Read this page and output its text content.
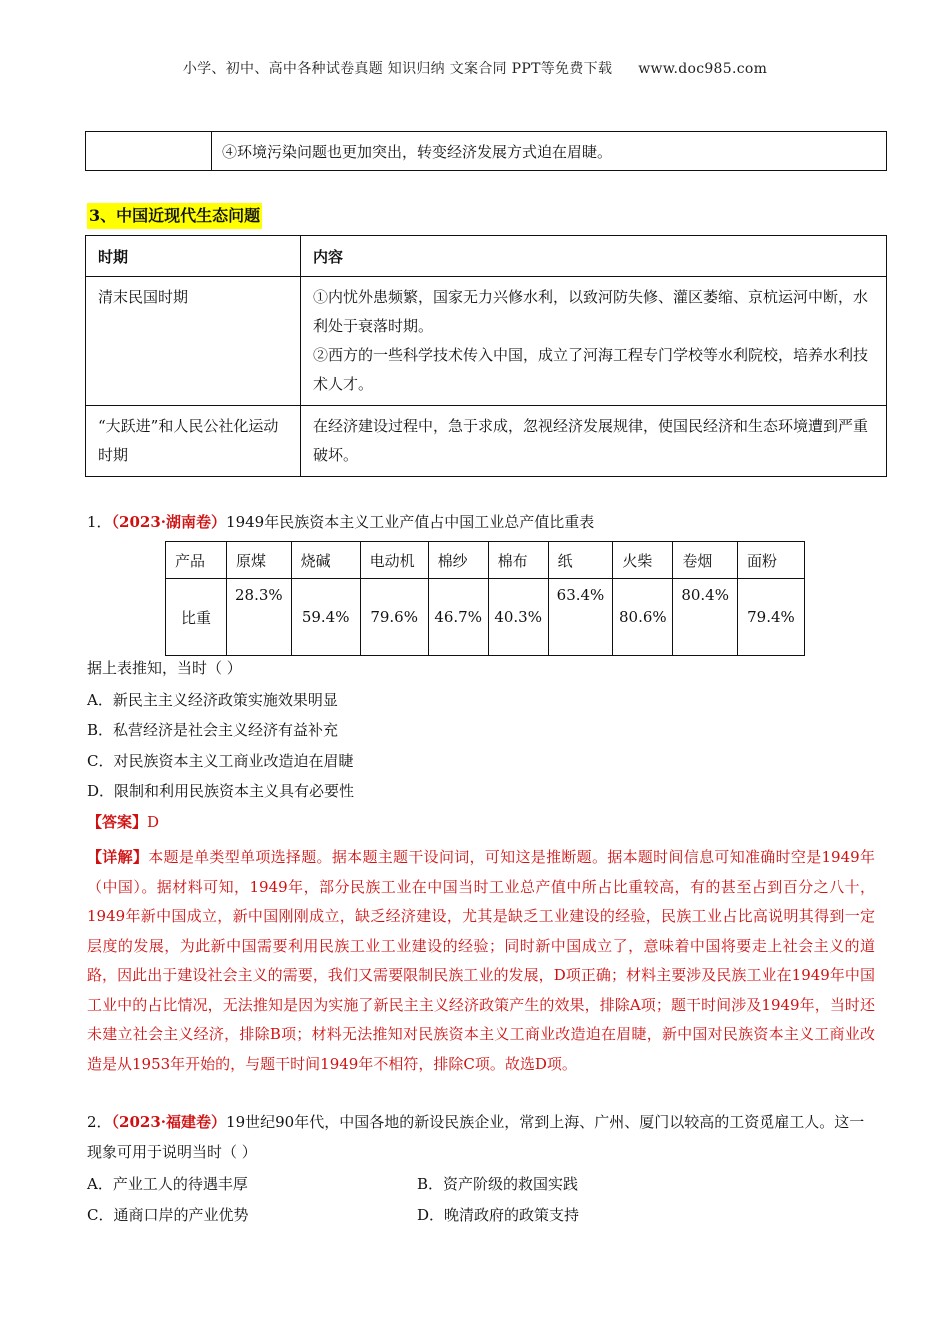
小学、初中、高中各种试卷真题 知识归纳 文案合同 PPT等免费下载 www.doc985.com
	④环境污染问题也更加突出，转变经济发展方式迫在眉睫。
3、中国近现代生态问题
时期	内容
清末民国时期	①内忧外患频繁，国家无力兴修水利，以致河防失修、灌区萎缩、京杭运河中断，水利处于衰落时期。
②西方的一些科学技术传入中国，成立了河海工程专门学校等水利院校，培养水利技术人才。

“大跃进”和人民公社化运动时期	在经济建设过程中，急于求成，忽视经济发展规律，使国民经济和生态环境遭到严重破坏。
1．（2023·湖南卷）1949年民族资本主义工业产值占中国工业总产值比重表
产品	原煤	烧碱	电动机	棉纱	棉布	纸	火柴	卷烟	面粉
比重	28.3%	59.4%	79.6%	46.7%	40.3%	63.4%	80.6%	80.4%	79.4%
据上表推知，当时（ ）
A．新民主主义经济政策实施效果明显
B．私营经济是社会主义经济有益补充
C．对民族资本主义工商业改造迫在眉睫
D．限制和利用民族资本主义具有必要性
【答案】D
【详解】本题是单类型单项选择题。据本题主题干设问词，可知这是推断题。据本题时间信息可知准确时空是1949年（中国）。据材料可知，1949年，部分民族工业在中国当时工业总产值中所占比重较高，有的甚至占到百分之八十，1949年新中国成立，新中国刚刚成立，缺乏经济建设，尤其是缺乏工业建设的经验，民族工业占比高说明其得到一定层度的发展，为此新中国需要利用民族工业工业建设的经验；同时新中国成立了，意味着中国将要走上社会主义的道路，因此出于建设社会主义的需要，我们又需要限制民族工业的发展，D项正确；材料主要涉及民族工业在1949年中国工业中的占比情况，无法推知是因为实施了新民主主义经济政策产生的效果，排除A项；题干时间涉及1949年，当时还未建立社会主义经济，排除B项；材料无法推知对民族资本主义工商业改造迫在眉睫，新中国对民族资本主义工商业改造是从1953年开始的，与题干时间1949年不相符，排除C项。故选D项。
2．（2023·福建卷）19世纪90年代，中国各地的新设民族企业，常到上海、广州、厦门以较高的工资觅雇工人。这一现象可用于说明当时（ ）
A．产业工人的待遇丰厚	B．资产阶级的救国实践
C．通商口岸的产业优势	D．晚清政府的政策支持
